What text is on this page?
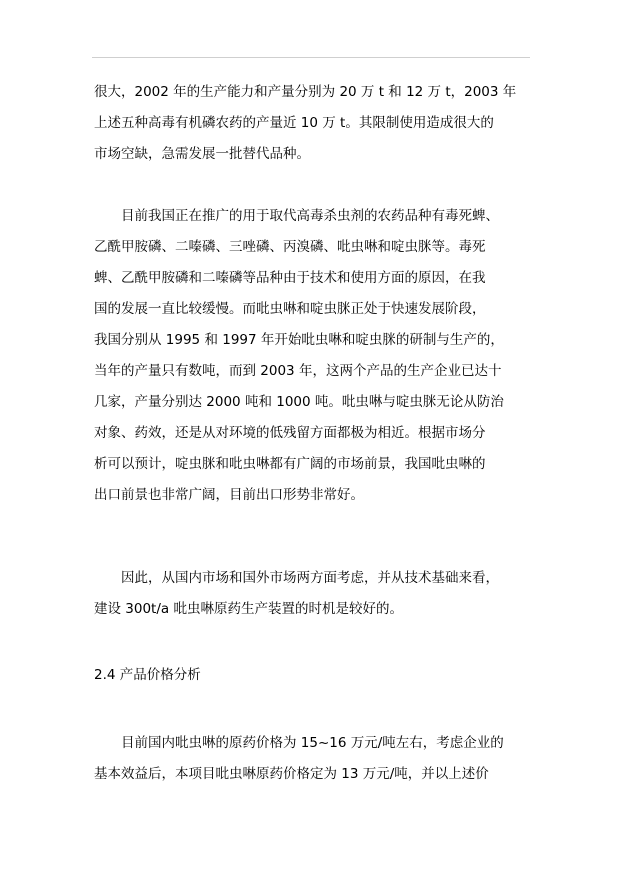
很大，2002 年的生产能力和产量分别为 20 万 t 和 12 万 t，2003 年
上述五种高毒有机磷农药的产量近 10 万 t。其限制使用造成很大的
市场空缺，急需发展一批替代品种。
目前我国正在推广的用于取代高毒杀虫剂的农药品种有毒死蜱、
乙酰甲胺磷、二嗪磷、三唑磷、丙溴磷、吡虫啉和啶虫脒等。毒死
蜱、乙酰甲胺磷和二嗪磷等品种由于技术和使用方面的原因，在我
国的发展一直比较缓慢。而吡虫啉和啶虫脒正处于快速发展阶段，
我国分别从 1995 和 1997 年开始吡虫啉和啶虫脒的研制与生产的，
当年的产量只有数吨，而到 2003 年，这两个产品的生产企业已达十
几家，产量分别达 2000 吨和 1000 吨。吡虫啉与啶虫脒无论从防治
对象、药效，还是从对环境的低残留方面都极为相近。根据市场分
析可以预计，啶虫脒和吡虫啉都有广阔的市场前景，我国吡虫啉的
出口前景也非常广阔，目前出口形势非常好。
因此，从国内市场和国外市场两方面考虑，并从技术基础来看，
建设 300t/a 吡虫啉原药生产装置的时机是较好的。
2.4 产品价格分析
目前国内吡虫啉的原药价格为 15~16 万元/吨左右，考虑企业的
基本效益后，本项目吡虫啉原药价格定为 13 万元/吨，并以上述价
